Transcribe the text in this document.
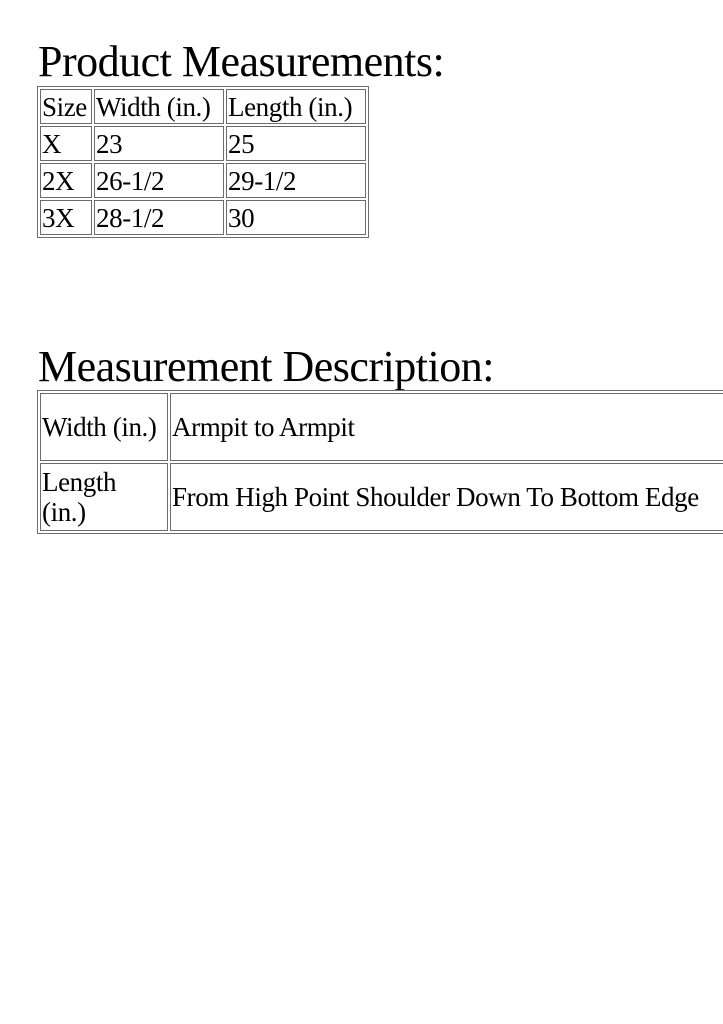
Product Measurements:
Size	Width (in.)	Length (in.)
X	23	25
2X	26-1/2	29-1/2
3X	28-1/2	30
Measurement Description:
Width (in.)	Armpit to Armpit
Length (in.)	From High Point Shoulder Down To Bottom Edge
